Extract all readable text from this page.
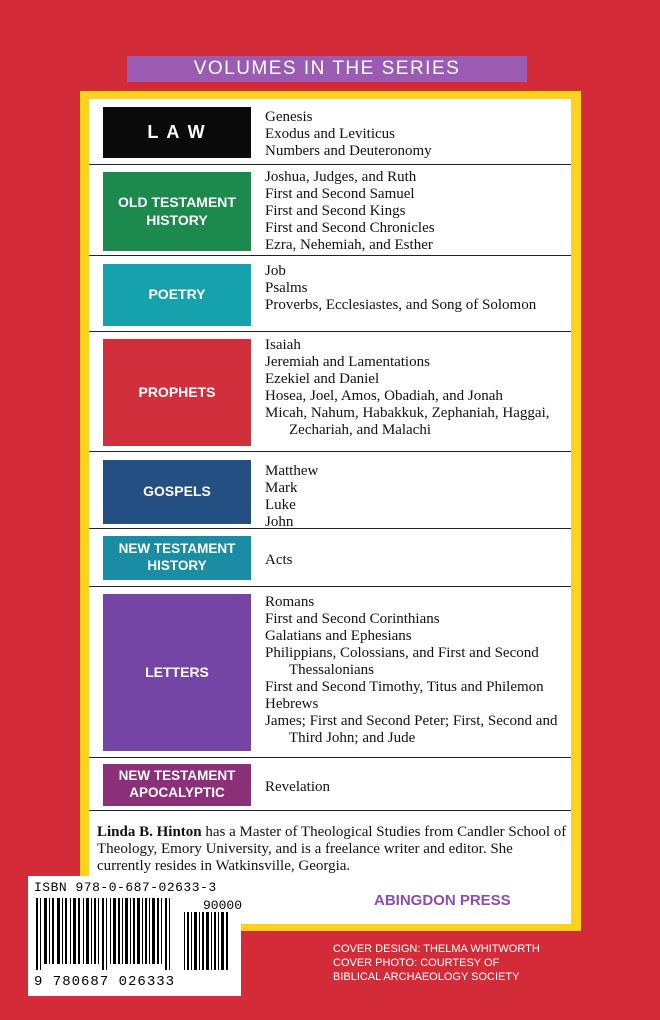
VOLUMES IN THE SERIES
L A W
Genesis
Exodus and Leviticus
Numbers and Deuteronomy
OLD TESTAMENT HISTORY
Joshua, Judges, and Ruth
First and Second Samuel
First and Second Kings
First and Second Chronicles
Ezra, Nehemiah, and Esther
POETRY
Job
Psalms
Proverbs, Ecclesiastes, and Song of Solomon
PROPHETS
Isaiah
Jeremiah and Lamentations
Ezekiel and Daniel
Hosea, Joel, Amos, Obadiah, and Jonah
Micah, Nahum, Habakkuk, Zephaniah, Haggai, Zechariah, and Malachi
GOSPELS
Matthew
Mark
Luke
John
NEW TESTAMENT HISTORY	Acts
LETTERS
Romans
First and Second Corinthians
Galatians and Ephesians
Philippians, Colossians, and First and Second Thessalonians
First and Second Timothy, Titus and Philemon
Hebrews
James; First and Second Peter; First, Second and Third John; and Jude
NEW TESTAMENT APOCALYPTIC	Revelation
Linda B. Hinton has a Master of Theological Studies from Candler School of Theology, Emory University, and is a freelance writer and editor. She currently resides in Watkinsville, Georgia.
ABINGDON PRESS
ISBN 978-0-687-02633-3
90000
9 780687 026333
COVER DESIGN: THELMA WHITWORTH
COVER PHOTO: COURTESY OF
BIBLICAL ARCHAEOLOGY SOCIETY
